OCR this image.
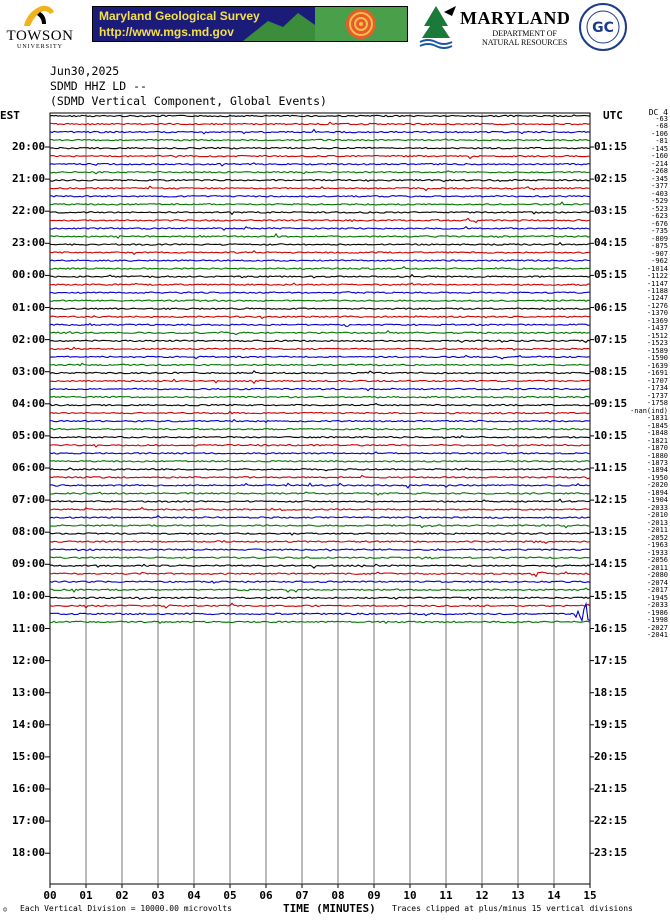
TOWSON
UNIVERSITY
Maryland Geological Survey
http://www.mgs.md.gov
MARYLAND
DEPARTMENT OF
NATURAL RESOURCES
GC
Jun30,2025
SDMD HHZ LD --
(SDMD Vertical Component, Global Events)
EST	UTC	DC 4
20:00
21:00
22:00
23:00
00:00
01:00
02:00
03:00
04:00
05:00
06:00
07:00
08:00
09:00
10:00
11:00
12:00
13:00
14:00
15:00
16:00
17:00
18:00
01:15
02:15
03:15
04:15
05:15
06:15
07:15
08:15
09:15
10:15
11:15
12:15
13:15
14:15
15:15
16:15
17:15
18:15
19:15
20:15
21:15
22:15
23:15
-63
-68
-106
-81
-145
-160
-214
-268
-345
-377
-403
-529
-523
-623
-676
-735
-809
-875
-907
-962
-1014
-1122
-1147
-1188
-1247
-1276
-1370
-1369
-1437
-1512
-1523
-1589
-1590
-1639
-1691
-1707
-1734
-1737
-1758
-nan(ind)
-1831
-1845
-1848
-1821
-1870
-1880
-1873
-1894
-1950
-2020
-1894
-1904
-2033
-2010
-2013
-2011
-2052
-1963
-1933
-2056
-2011
-2080
-2074
-2017
-1945
-2033
-1986
-1998
-2027
-2041
00	01	02	03	04	05	06	07	08	09	10	11	12	13	14	15
☺ Each Vertical Division = 10000.00 microvolts	TIME (MINUTES) Traces clipped at plus/minus 15 vertical divisions
